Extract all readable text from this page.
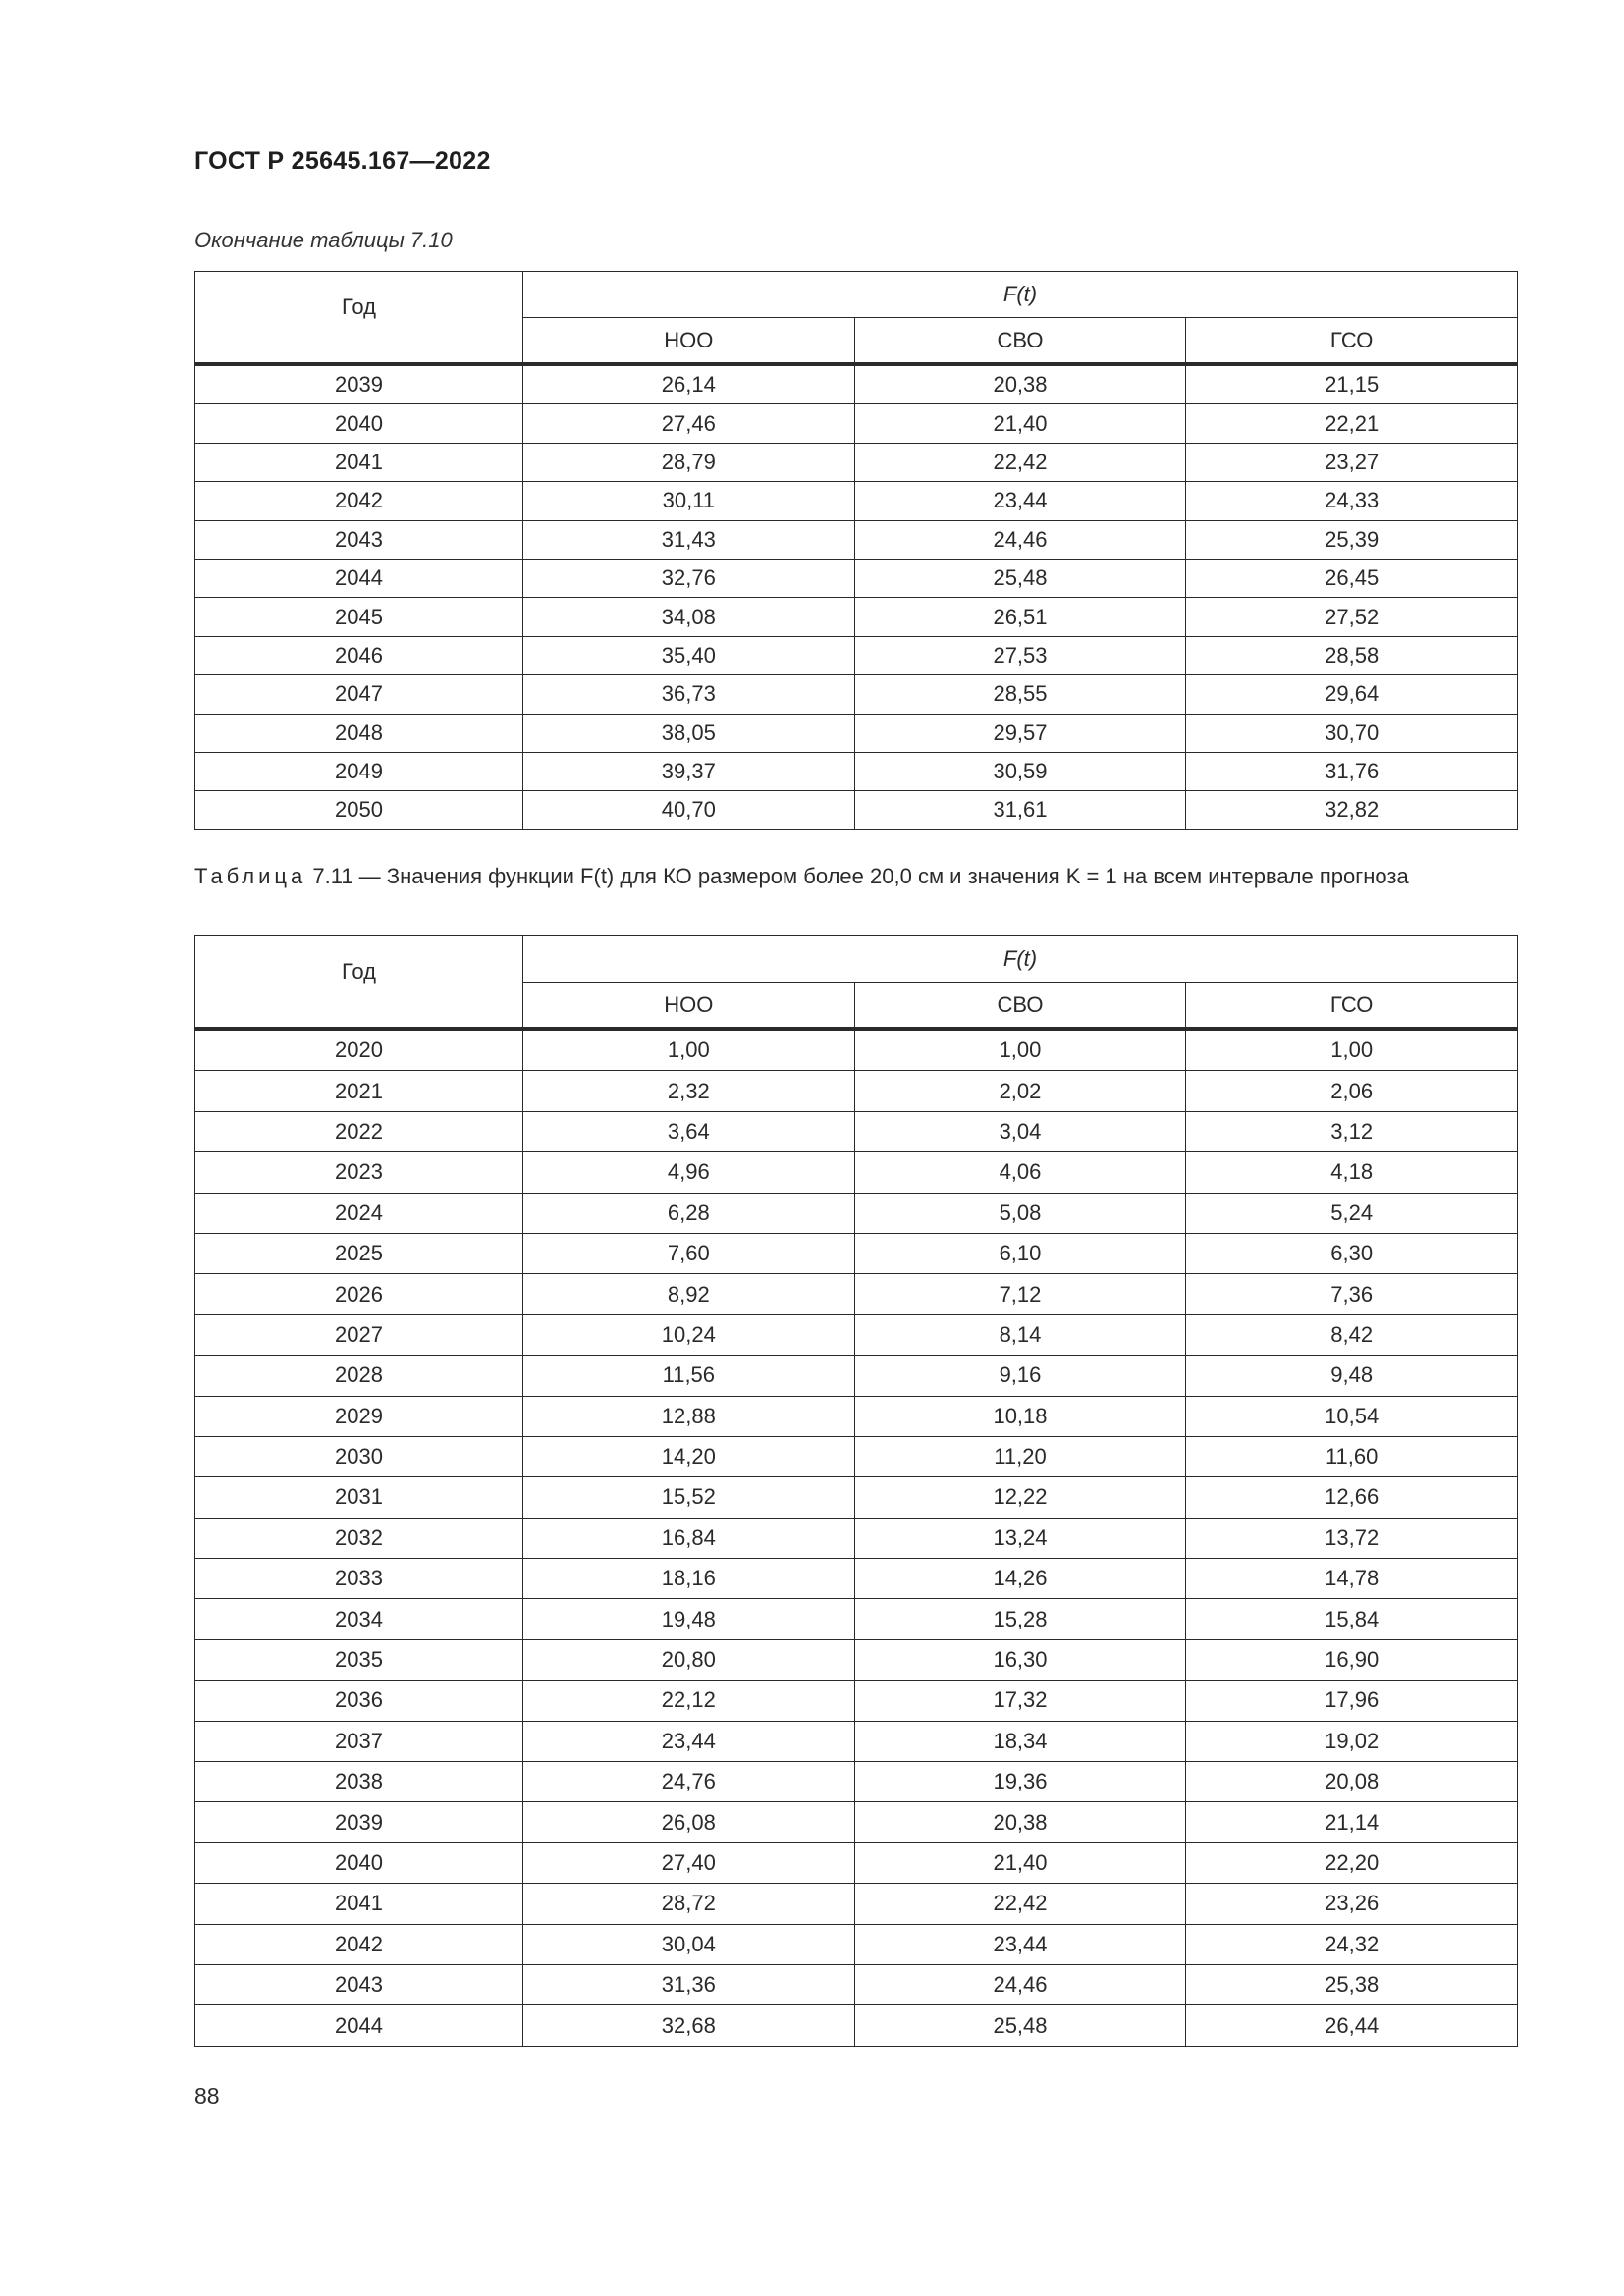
ГОСТ Р 25645.167—2022
Окончание таблицы 7.10
Год	F(t)		
	НОО	СВО	ГСО
2039	26,14	20,38	21,15
2040	27,46	21,40	22,21
2041	28,79	22,42	23,27
2042	30,11	23,44	24,33
2043	31,43	24,46	25,39
2044	32,76	25,48	26,45
2045	34,08	26,51	27,52
2046	35,40	27,53	28,58
2047	36,73	28,55	29,64
2048	38,05	29,57	30,70
2049	39,37	30,59	31,76
2050	40,70	31,61	32,82
Таблица 7.11 — Значения функции F(t) для КО размером более 20,0 см и значения K = 1 на всем интервале прогноза
Год	F(t)		
	НОО	СВО	ГСО
2020	1,00	1,00	1,00
2021	2,32	2,02	2,06
2022	3,64	3,04	3,12
2023	4,96	4,06	4,18
2024	6,28	5,08	5,24
2025	7,60	6,10	6,30
2026	8,92	7,12	7,36
2027	10,24	8,14	8,42
2028	11,56	9,16	9,48
2029	12,88	10,18	10,54
2030	14,20	11,20	11,60
2031	15,52	12,22	12,66
2032	16,84	13,24	13,72
2033	18,16	14,26	14,78
2034	19,48	15,28	15,84
2035	20,80	16,30	16,90
2036	22,12	17,32	17,96
2037	23,44	18,34	19,02
2038	24,76	19,36	20,08
2039	26,08	20,38	21,14
2040	27,40	21,40	22,20
2041	28,72	22,42	23,26
2042	30,04	23,44	24,32
2043	31,36	24,46	25,38
2044	32,68	25,48	26,44
88
